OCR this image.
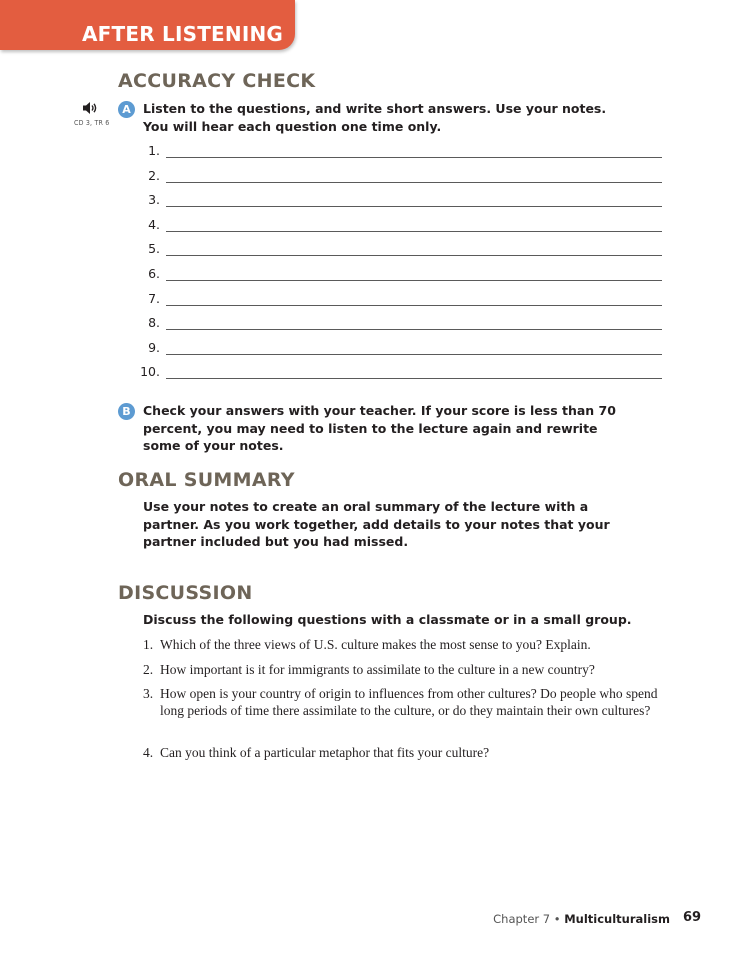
AFTER LISTENING
ACCURACY CHECK
CD 3, TR 6
A Listen to the questions, and write short answers. Use your notes. You will hear each question one time only.
1.
2.
3.
4.
5.
6.
7.
8.
9.
10.
B Check your answers with your teacher. If your score is less than 70 percent, you may need to listen to the lecture again and rewrite some of your notes.
ORAL SUMMARY
Use your notes to create an oral summary of the lecture with a partner. As you work together, add details to your notes that your partner included but you had missed.
DISCUSSION
Discuss the following questions with a classmate or in a small group.
1. Which of the three views of U.S. culture makes the most sense to you? Explain.
2. How important is it for immigrants to assimilate to the culture in a new country?
3. How open is your country of origin to influences from other cultures? Do people who spend long periods of time there assimilate to the culture, or do they maintain their own cultures?
4. Can you think of a particular metaphor that fits your culture?
Chapter 7 • Multiculturalism 69
